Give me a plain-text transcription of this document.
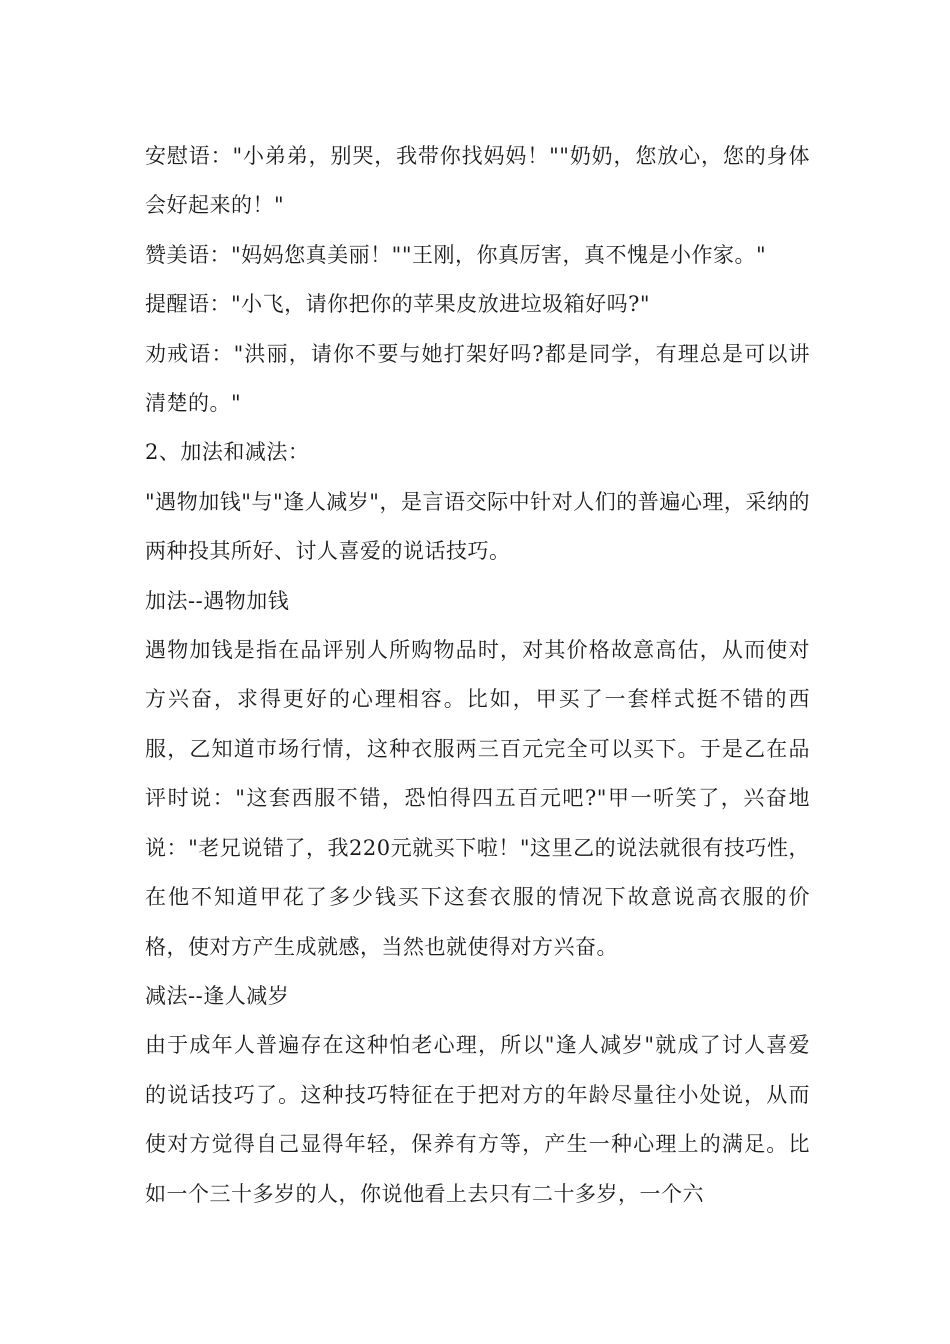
安慰语："小弟弟，别哭，我带你找妈妈！""奶奶，您放心，您的身体会好起来的！"

赞美语："妈妈您真美丽！""王刚，你真厉害，真不愧是小作家。"

提醒语："小飞，请你把你的苹果皮放进垃圾箱好吗?"

劝戒语："洪丽，请你不要与她打架好吗?都是同学，有理总是可以讲清楚的。"

2、加法和减法：

"遇物加钱"与"逢人减岁"，是言语交际中针对人们的普遍心理，采纳的两种投其所好、讨人喜爱的说话技巧。

加法--遇物加钱

遇物加钱是指在品评别人所购物品时，对其价格故意高估，从而使对方兴奋，求得更好的心理相容。比如，甲买了一套样式挺不错的西服，乙知道市场行情，这种衣服两三百元完全可以买下。于是乙在品评时说："这套西服不错，恐怕得四五百元吧?"甲一听笑了，兴奋地说："老兄说错了，我220元就买下啦！"这里乙的说法就很有技巧性，在他不知道甲花了多少钱买下这套衣服的情况下故意说高衣服的价格，使对方产生成就感，当然也就使得对方兴奋。

减法--逢人减岁

由于成年人普遍存在这种怕老心理，所以"逢人减岁"就成了讨人喜爱的说话技巧了。这种技巧特征在于把对方的年龄尽量往小处说，从而使对方觉得自己显得年轻，保养有方等，产生一种心理上的满足。比如一个三十多岁的人，你说他看上去只有二十多岁，一个六
